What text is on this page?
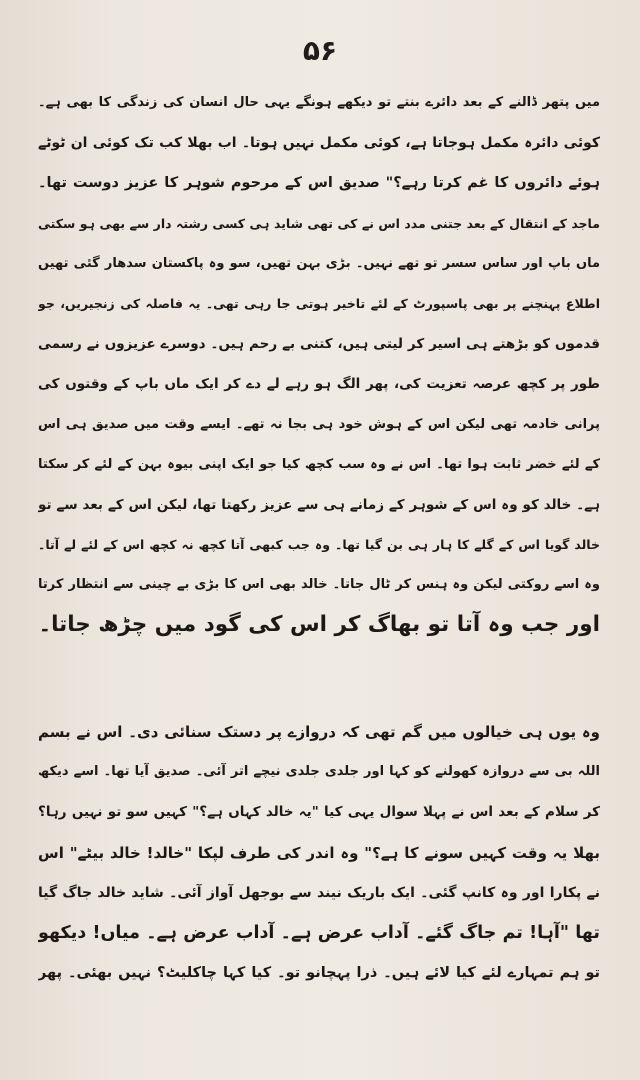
۵۶
میں پتھر ڈالنے کے بعد دائرے بنتے تو دیکھے ہونگے یہی حال انسان کی زندگی کا بھی ہے۔
کوئی دائرہ مکمل ہوجاتا ہے، کوئی مکمل نہیں ہوتا۔ اب بھلا کب تک کوئی ان ٹوٹے
ہوئے دائروں کا غم کرتا رہے؟" صدیق اس کے مرحوم شوہر کا عزیز دوست تھا۔
ماجد کے انتقال کے بعد جتنی مدد اس نے کی تھی شاید ہی کسی رشتہ دار سے بھی ہو سکتی
ماں باپ اور ساس سسر تو تھے نہیں۔ بڑی بہن تھیں، سو وہ پاکستان سدھار گئی تھیں
اطلاع پہنچنے پر بھی پاسپورٹ کے لئے تاخیر ہوتی جا رہی تھی۔ یہ فاصلہ کی زنجیریں، جو
قدموں کو بڑھتے ہی اسیر کر لیتی ہیں، کتنی بے رحم ہیں۔ دوسرے عزیزوں نے رسمی
طور پر کچھ عرصہ تعزیت کی، پھر الگ ہو رہے لے دے کر ایک ماں باپ کے وقتوں کی
پرانی خادمہ تھی لیکن اس کے ہوش خود ہی بجا نہ تھے۔ ایسے وقت میں صدیق ہی اس
کے لئے خضر ثابت ہوا تھا۔ اس نے وہ سب کچھ کیا جو ایک اپنی بیوہ بہن کے لئے کر سکتا
ہے۔ خالد کو وہ اس کے شوہر کے زمانے ہی سے عزیز رکھتا تھا، لیکن اس کے بعد سے تو
خالد گویا اس کے گلے کا ہار ہی بن گیا تھا۔ وہ جب کبھی آتا کچھ نہ کچھ اس کے لئے لے آتا۔
وہ اسے روکتی لیکن وہ ہنس کر ٹال جاتا۔ خالد بھی اس کا بڑی بے چینی سے انتظار کرتا
اور جب وہ آتا تو بھاگ کر اس کی گود میں چڑھ جاتا۔
وہ یوں ہی خیالوں میں گم تھی کہ دروازے پر دستک سنائی دی۔ اس نے بسم
اللہ بی سے دروازہ کھولنے کو کہا اور جلدی جلدی نیچے اتر آئی۔ صدیق آیا تھا۔ اسے دیکھ
کر سلام کے بعد اس نے پہلا سوال یہی کیا "یہ خالد کہاں ہے؟" کہیں سو تو نہیں رہا؟
بھلا یہ وقت کہیں سونے کا ہے؟" وہ اندر کی طرف لپکا "خالد! خالد بیٹے" اس
نے پکارا اور وہ کانپ گئی۔ ایک باریک نیند سے بوجھل آواز آئی۔ شاید خالد جاگ گیا
تھا "آہا! تم جاگ گئے۔ آداب عرض ہے۔ آداب عرض ہے۔ میاں! دیکھو
تو ہم تمہارے لئے کیا لائے ہیں۔ ذرا پہچانو تو۔ کیا کہا چاکلیٹ؟ نہیں بھئی۔ پھر
